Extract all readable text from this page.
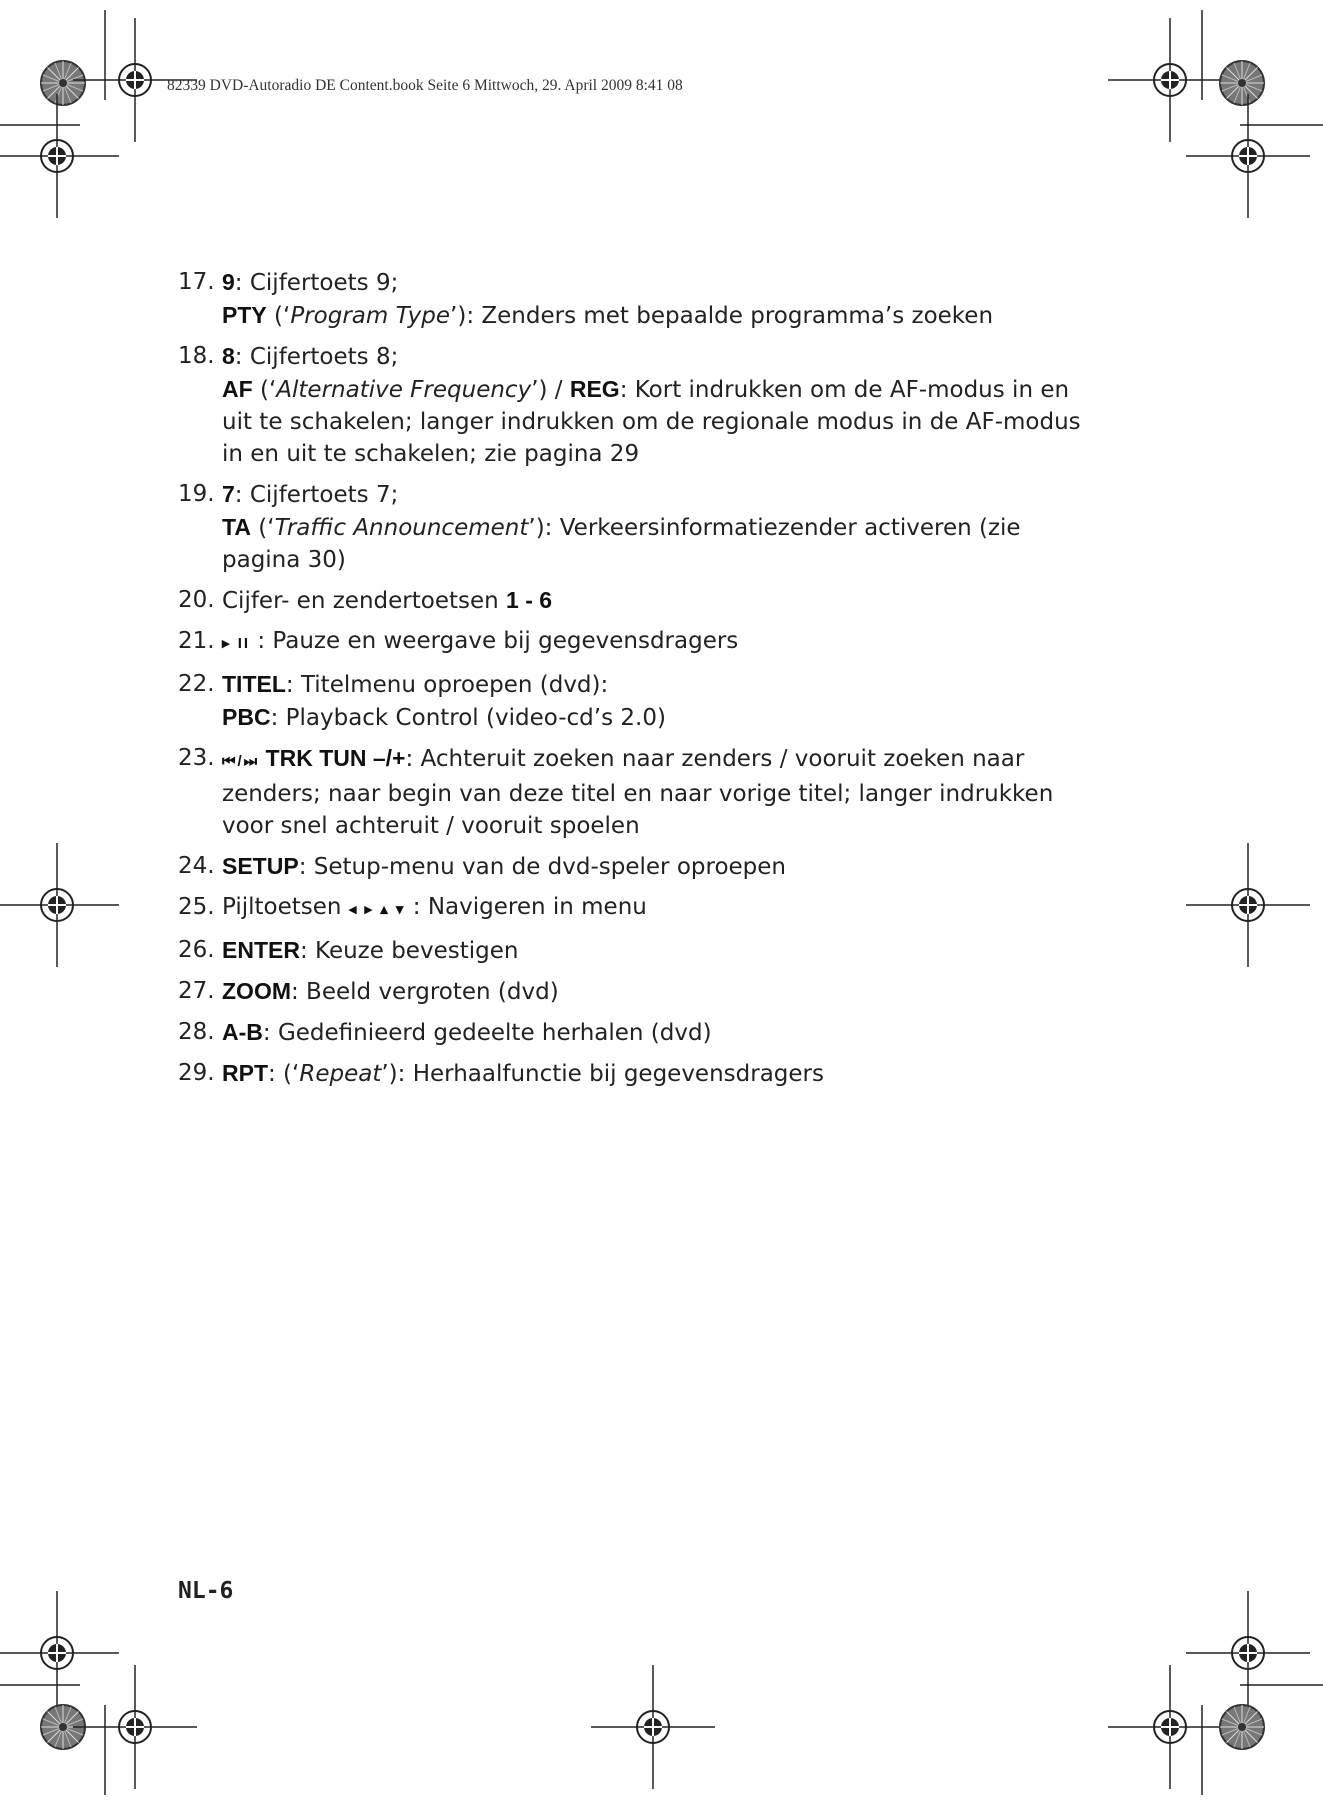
82339 DVD-Autoradio DE Content.book Seite 6 Mittwoch, 29. April 2009 8:41 08
17. 9: Cijfertoets 9;
PTY (‘Program Type’): Zenders met bepaalde programma’s zoeken
18. 8: Cijfertoets 8;
AF (‘Alternative Frequency’) / REG: Kort indrukken om de AF-modus in en uit te schakelen; langer indrukken om de regionale modus in de AF-modus in en uit te schakelen; zie pagina 29
19. 7: Cijfertoets 7;
TA (‘Traffic Announcement’): Verkeersinformatiezender activeren (zie pagina 30)
20. Cijfer- en zendertoetsen 1 - 6
21. ▸ II : Pauze en weergave bij gegevensdragers
22. TITEL: Titelmenu oproepen (dvd):
PBC: Playback Control (video-cd’s 2.0)
23. ⏮/⏭ TRK TUN –/+: Achteruit zoeken naar zenders / vooruit zoeken naar zenders; naar begin van deze titel en naar vorige titel; langer indrukken voor snel achteruit / vooruit spoelen
24. SETUP: Setup-menu van de dvd-speler oproepen
25. Pijltoetsen ◂ ▸ ▴ ▾ : Navigeren in menu
26. ENTER: Keuze bevestigen
27. ZOOM: Beeld vergroten (dvd)
28. A-B: Gedefinieerd gedeelte herhalen (dvd)
29. RPT: (‘Repeat’): Herhaalfunctie bij gegevensdragers
NL-6
